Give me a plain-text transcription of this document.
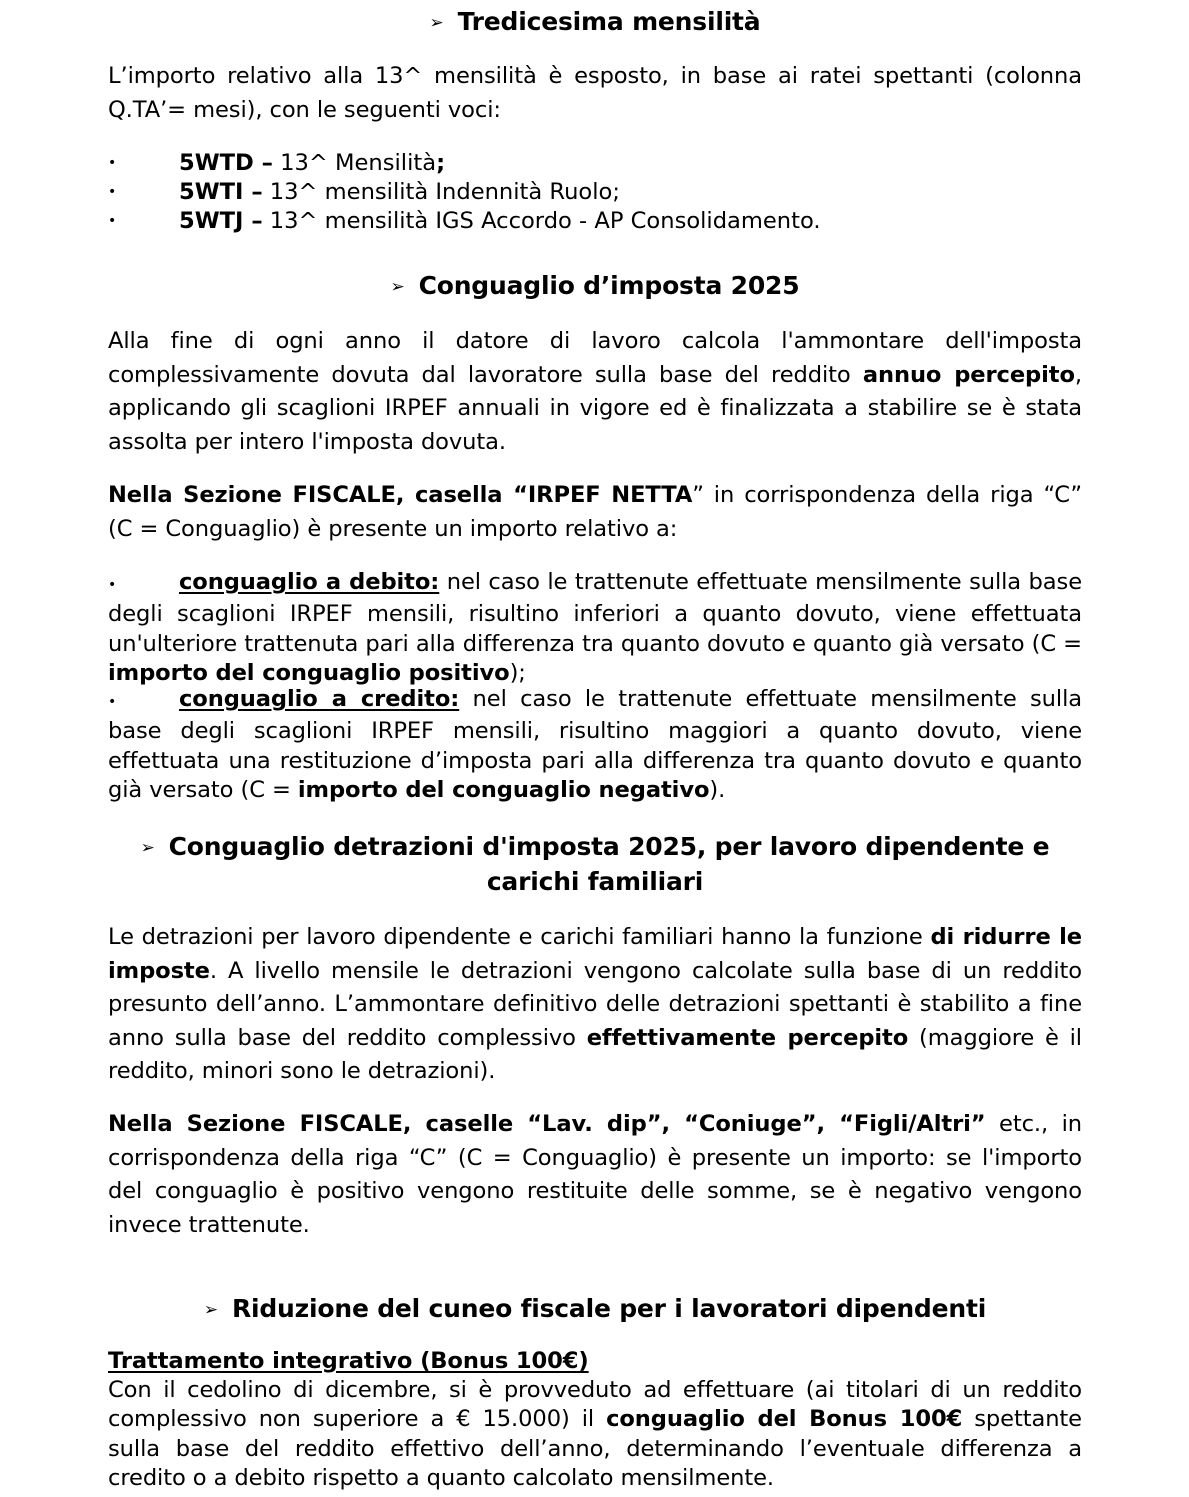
➢ Tredicesima mensilità
L’importo relativo alla 13^ mensilità è esposto, in base ai ratei spettanti (colonna Q.TA’= mesi), con le seguenti voci:
•	5WTD – 13^ Mensilità;
•	5WTI – 13^ mensilità Indennità Ruolo;
•	5WTJ – 13^ mensilità IGS Accordo - AP Consolidamento.
➢ Conguaglio d’imposta 2025
Alla fine di ogni anno il datore di lavoro calcola l'ammontare dell'imposta complessivamente dovuta dal lavoratore sulla base del reddito annuo percepito, applicando gli scaglioni IRPEF annuali in vigore ed è finalizzata a stabilire se è stata assolta per intero l'imposta dovuta.
Nella Sezione FISCALE, casella “IRPEF NETTA” in corrispondenza della riga “C” (C = Conguaglio) è presente un importo relativo a:
•	conguaglio a debito: nel caso le trattenute effettuate mensilmente sulla base degli scaglioni IRPEF mensili, risultino inferiori a quanto dovuto, viene effettuata un'ulteriore trattenuta pari alla differenza tra quanto dovuto e quanto già versato (C = importo del conguaglio positivo);
•	conguaglio a credito: nel caso le trattenute effettuate mensilmente sulla base degli scaglioni IRPEF mensili, risultino maggiori a quanto dovuto, viene effettuata una restituzione d’imposta pari alla differenza tra quanto dovuto e quanto già versato (C = importo del conguaglio negativo).
➢ Conguaglio detrazioni d'imposta 2025, per lavoro dipendente e
carichi familiari
Le detrazioni per lavoro dipendente e carichi familiari hanno la funzione di ridurre le imposte. A livello mensile le detrazioni vengono calcolate sulla base di un reddito presunto dell’anno. L’ammontare definitivo delle detrazioni spettanti è stabilito a fine anno sulla base del reddito complessivo effettivamente percepito (maggiore è il reddito, minori sono le detrazioni).
Nella Sezione FISCALE, caselle “Lav. dip”, “Coniuge”, “Figli/Altri” etc., in corrispondenza della riga “C” (C = Conguaglio) è presente un importo: se l'importo del conguaglio è positivo vengono restituite delle somme, se è negativo vengono invece trattenute.
➢ Riduzione del cuneo fiscale per i lavoratori dipendenti
Trattamento integrativo (Bonus 100€)
Con il cedolino di dicembre, si è provveduto ad effettuare (ai titolari di un reddito complessivo non superiore a € 15.000) il conguaglio del Bonus 100€ spettante sulla base del reddito effettivo dell’anno, determinando l’eventuale differenza a credito o a debito rispetto a quanto calcolato mensilmente.
